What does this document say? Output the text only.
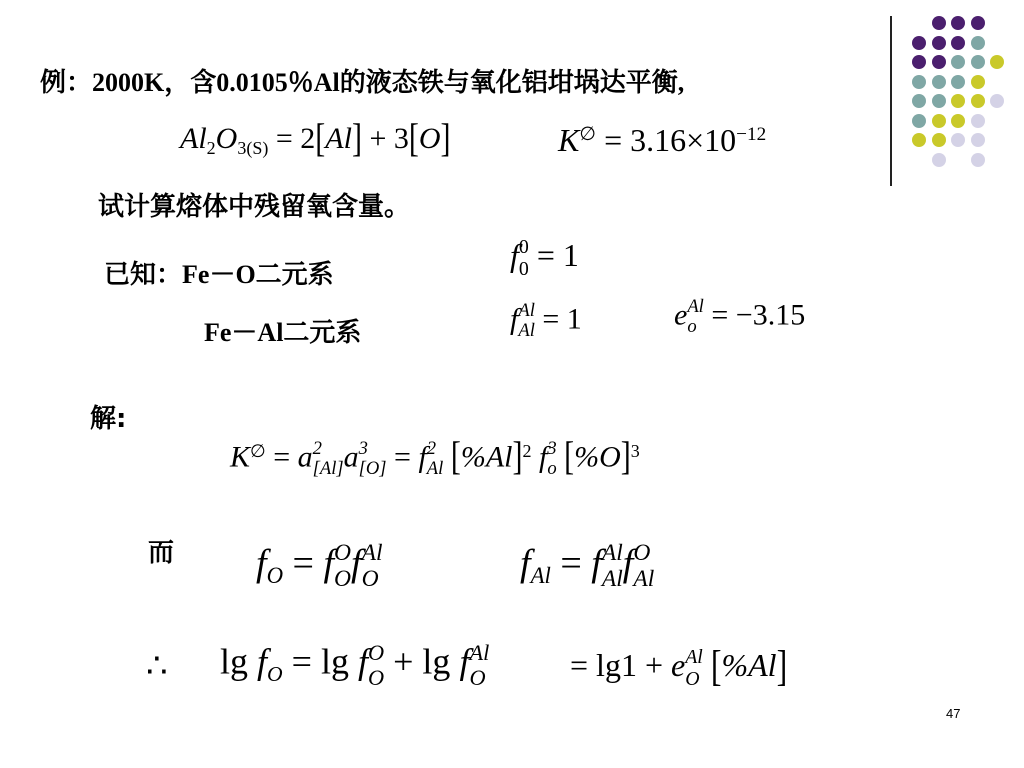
例：2000K，含0.0105％Al的液态铁与氧化铝坩埚达平衡,
$Al_2O_{3(S)} = 2[Al] + 3[O]$	$K^\emptyset = 3.16\times 10^{-12}$
试计算熔体中残留氧含量。
已知：Fe－O二元系
Fe－Al二元系
f 0
0 = 1
f Al
Al = 1	e Al
o = −3.15
解:
K∅ = a 2
[Al] a 3
[O] = f 2
Al $[\%Al]^2$ f 3
o $[\%O]^3$
而 $f_O = f$ O
O f Al
O	$f_{Al} = f$ Al
Al f O
Al
∴ $\lg f_O = \lg f$ O
O + lg f Al
O	= lg1 + e Al
O [%Al]
47
